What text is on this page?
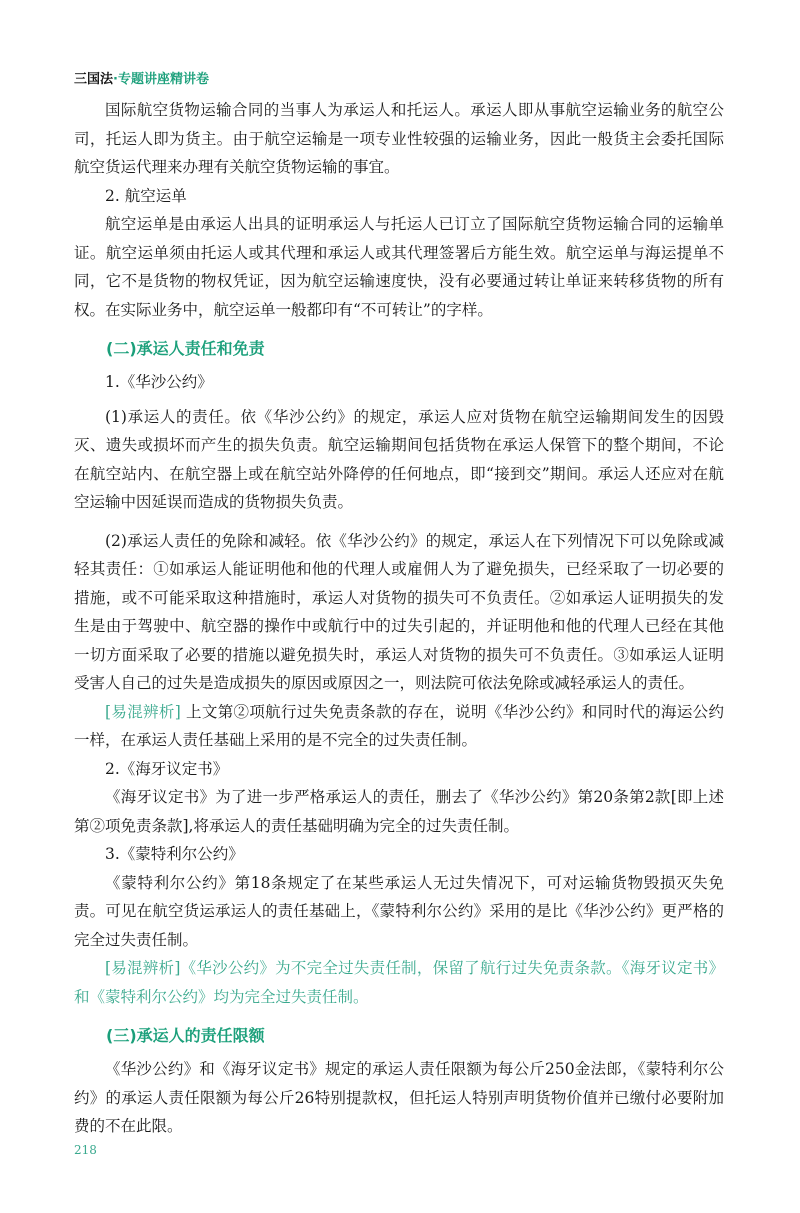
三国法·专题讲座精讲卷

国际航空货物运输合同的当事人为承运人和托运人。承运人即从事航空运输业务的航空公司，托运人即为货主。由于航空运输是一项专业性较强的运输业务，因此一般货主会委托国际航空货运代理来办理有关航空货物运输的事宜。

2. 航空运单

航空运单是由承运人出具的证明承运人与托运人已订立了国际航空货物运输合同的运输单证。航空运单须由托运人或其代理和承运人或其代理签署后方能生效。航空运单与海运提单不同，它不是货物的物权凭证，因为航空运输速度快，没有必要通过转让单证来转移货物的所有权。在实际业务中，航空运单一般都印有“不可转让”的字样。

(二)承运人责任和免责
1.《华沙公约》

(1)承运人的责任。依《华沙公约》的规定，承运人应对货物在航空运输期间发生的因毁灭、遗失或损坏而产生的损失负责。航空运输期间包括货物在承运人保管下的整个期间，不论在航空站内、在航空器上或在航空站外降停的任何地点，即“接到交”期间。承运人还应对在航空运输中因延误而造成的货物损失负责。

(2)承运人责任的免除和减轻。依《华沙公约》的规定，承运人在下列情况下可以免除或减轻其责任：①如承运人能证明他和他的代理人或雇佣人为了避免损失，已经采取了一切必要的措施，或不可能采取这种措施时，承运人对货物的损失可不负责任。②如承运人证明损失的发生是由于驾驶中、航空器的操作中或航行中的过失引起的，并证明他和他的代理人已经在其他一切方面采取了必要的措施以避免损失时，承运人对货物的损失可不负责任。③如承运人证明受害人自己的过失是造成损失的原因或原因之一，则法院可依法免除或减轻承运人的责任。

[易混辨析] 上文第②项航行过失免责条款的存在，说明《华沙公约》和同时代的海运公约一样，在承运人责任基础上采用的是不完全的过失责任制。

2.《海牙议定书》

《海牙议定书》为了进一步严格承运人的责任，删去了《华沙公约》第20条第2款[即上述第②项免责条款],将承运人的责任基础明确为完全的过失责任制。

3.《蒙特利尔公约》

《蒙特利尔公约》第18条规定了在某些承运人无过失情况下，可对运输货物毁损灭失免责。可见在航空货运承运人的责任基础上，《蒙特利尔公约》采用的是比《华沙公约》更严格的完全过失责任制。

[易混辨析]《华沙公约》为不完全过失责任制，保留了航行过失免责条款。《海牙议定书》和《蒙特利尔公约》均为完全过失责任制。

(三)承运人的责任限额

《华沙公约》和《海牙议定书》规定的承运人责任限额为每公斤250金法郎，《蒙特利尔公约》的承运人责任限额为每公斤26特别提款权，但托运人特别声明货物价值并已缴付必要附加费的不在此限。

218
